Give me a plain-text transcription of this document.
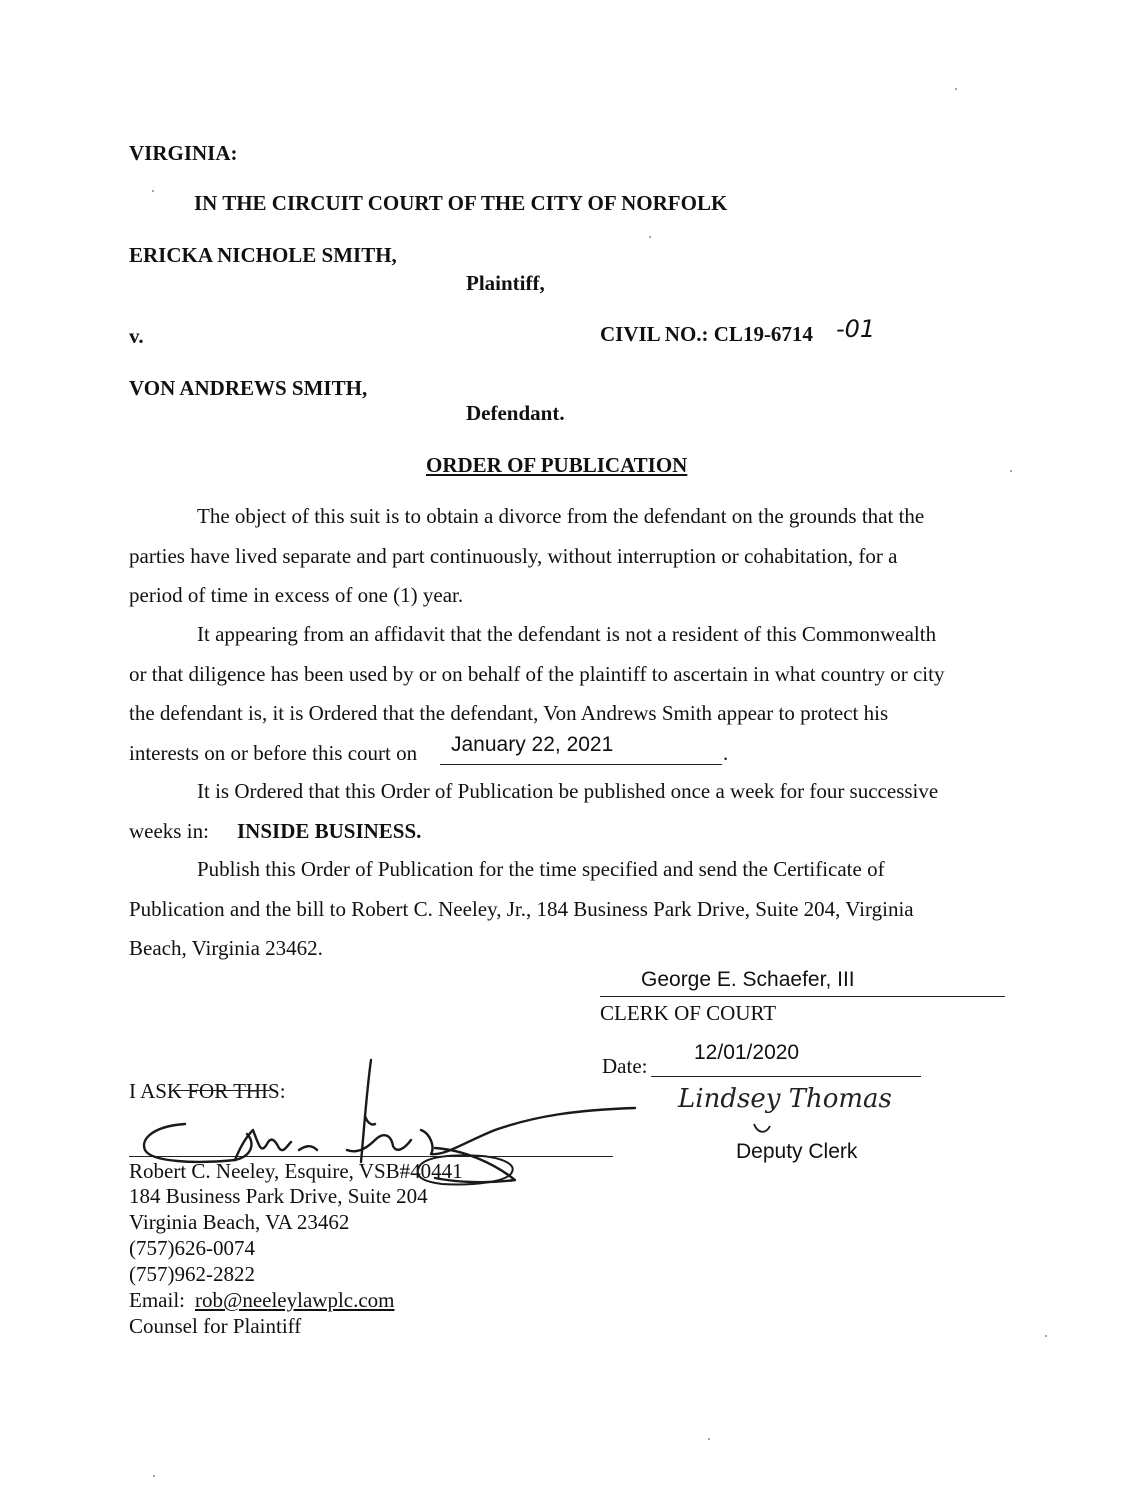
VIRGINIA:
IN THE CIRCUIT COURT OF THE CITY OF NORFOLK
ERICKA NICHOLE SMITH,
Plaintiff,
v.	CIVIL NO.: CL19-6714 -01
VON ANDREWS SMITH,
Defendant.
ORDER OF PUBLICATION
The object of this suit is to obtain a divorce from the defendant on the grounds that the
parties have lived separate and part continuously, without interruption or cohabitation, for a
period of time in excess of one (1) year.
It appearing from an affidavit that the defendant is not a resident of this Commonwealth
or that diligence has been used by or on behalf of the plaintiff to ascertain in what country or city
the defendant is, it is Ordered that the defendant, Von Andrews Smith appear to protect his
interests on or before this court on January 22, 2021	.
It is Ordered that this Order of Publication be published once a week for four successive
weeks in: INSIDE BUSINESS.
Publish this Order of Publication for the time specified and send the Certificate of
Publication and the bill to Robert C. Neeley, Jr., 184 Business Park Drive, Suite 204, Virginia
Beach, Virginia 23462.
George E. Schaefer, III
CLERK OF COURT
Date:
12/01/2020
Lindsey Thomas
Deputy Clerk
I ASK FOR THIS:
Robert C. Neeley, Esquire, VSB#40441
184 Business Park Drive, Suite 204
Virginia Beach, VA 23462
(757)626-0074
(757)962-2822
Email: rob@neeleylawplc.com
Counsel for Plaintiff
